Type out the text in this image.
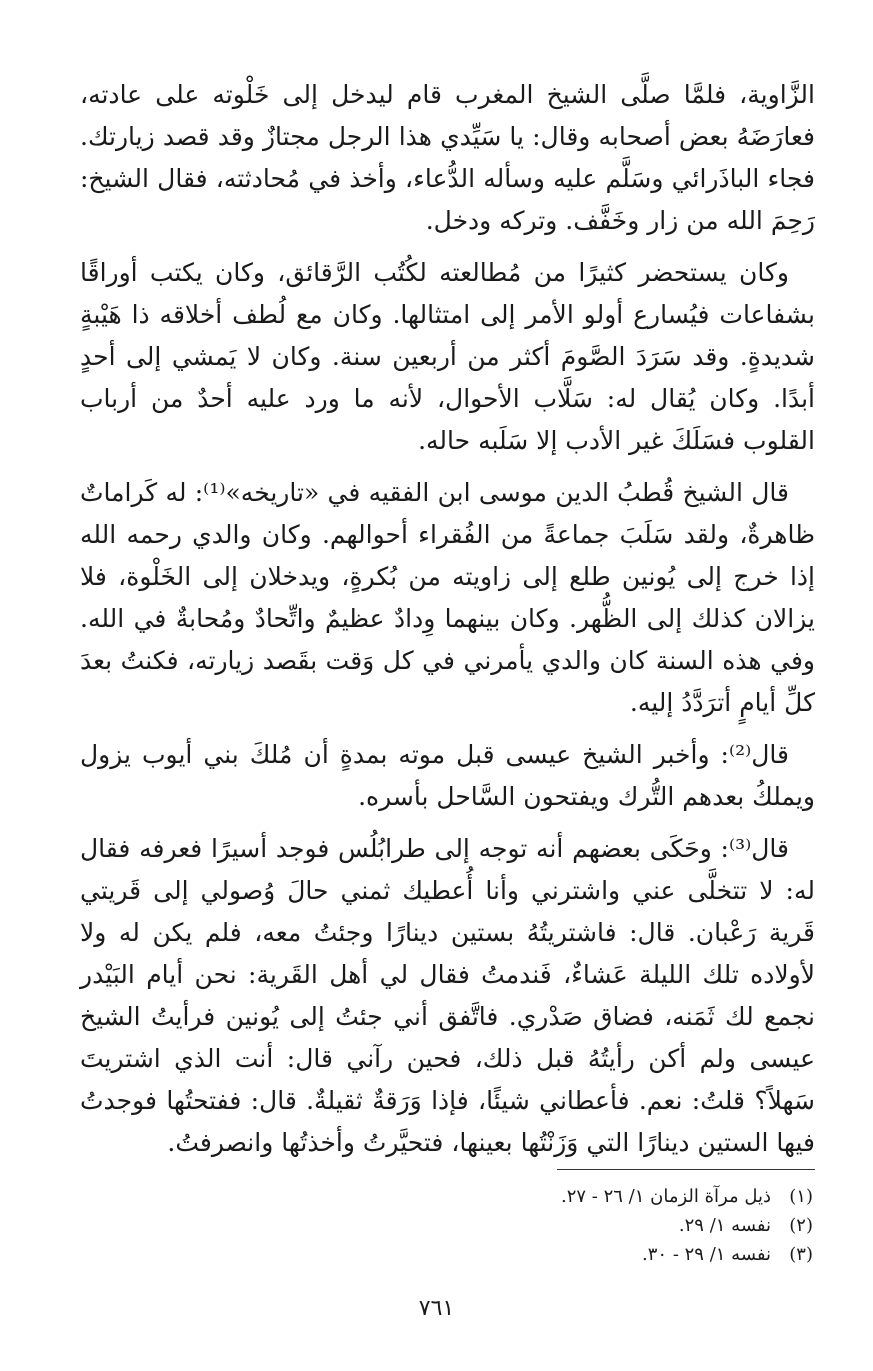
الزَّاوية، فلمَّا صلَّى الشيخ المغرب قام ليدخل إلى خَلْوته على عادته، فعارَضَهُ بعض أصحابه وقال: يا سَيِّدي هذا الرجل مجتازٌ وقد قصد زيارتك. فجاء الباذَرائي وسَلَّم عليه وسأله الدُّعاء، وأخذ في مُحادثته، فقال الشيخ: رَحِمَ الله من زار وخَفَّف. وتركه ودخل.

وكان يستحضر كثيرًا من مُطالعته لكُتُب الرَّقائق، وكان يكتب أوراقًا بشفاعات فيُسارع أولو الأمر إلى امتثالها. وكان مع لُطف أخلاقه ذا هَيْبةٍ شديدةٍ. وقد سَرَدَ الصَّومَ أكثر من أربعين سنة. وكان لا يَمشي إلى أحدٍ أبدًا. وكان يُقال له: سَلَّاب الأحوال، لأنه ما ورد عليه أحدٌ من أرباب القلوب فسَلَكَ غير الأدب إلا سَلَبه حاله.

قال الشيخ قُطبُ الدين موسى ابن الفقيه في «تاريخه»⁽¹⁾: له كَراماتٌ ظاهرةٌ، ولقد سَلَبَ جماعةً من الفُقراء أحوالهم. وكان والدي رحمه الله إذا خرج إلى يُونين طلع إلى زاويته من بُكرةٍ، ويدخلان إلى الخَلْوة، فلا يزالان كذلك إلى الظُّهر. وكان بينهما وِدادٌ عظيمٌ واتِّحادٌ ومُحابةٌ في الله. وفي هذه السنة كان والدي يأمرني في كل وَقت بقَصد زيارته، فكنتُ بعدَ كلِّ أيامٍ أترَدَّدُ إليه.

قال⁽²⁾: وأخبر الشيخ عيسى قبل موته بمدةٍ أن مُلكَ بني أيوب يزول ويملكُ بعدهم التُّرك ويفتحون السَّاحل بأسره.

قال⁽³⁾: وحَكَى بعضهم أنه توجه إلى طرابُلُس فوجد أسيرًا فعرفه فقال له: لا تتخلَّى عني واشترني وأنا أُعطيك ثمني حالَ وُصولي إلى قَريتي قَرية رَعْبان. قال: فاشتريتُهُ بستين دينارًا وجئتُ معه، فلم يكن له ولا لأولاده تلك الليلة عَشاءٌ، فَندمتُ فقال لي أهل القَرية: نحن أيام البَيْدر نجمع لك ثَمَنه، فضاق صَدْري. فاتَّفق أني جئتُ إلى يُونين فرأيتُ الشيخ عيسى ولم أكن رأيتُهُ قبل ذلك، فحين رآني قال: أنت الذي اشتريتَ سَهلاً؟ قلتُ: نعم. فأعطاني شيئًا، فإذا وَرَقةٌ ثقيلةٌ. قال: ففتحتُها فوجدتُ فيها الستين دينارًا التي وَزَنْتُها بعينها، فتحيَّرتُ وأخذتُها وانصرفتُ.

(١)ذيل مرآة الزمان ١/ ٢٦ - ٢٧.
(٢)نفسه ١/ ٢٩.
(٣)نفسه ١/ ٢٩ - ٣٠.
٧٦١
